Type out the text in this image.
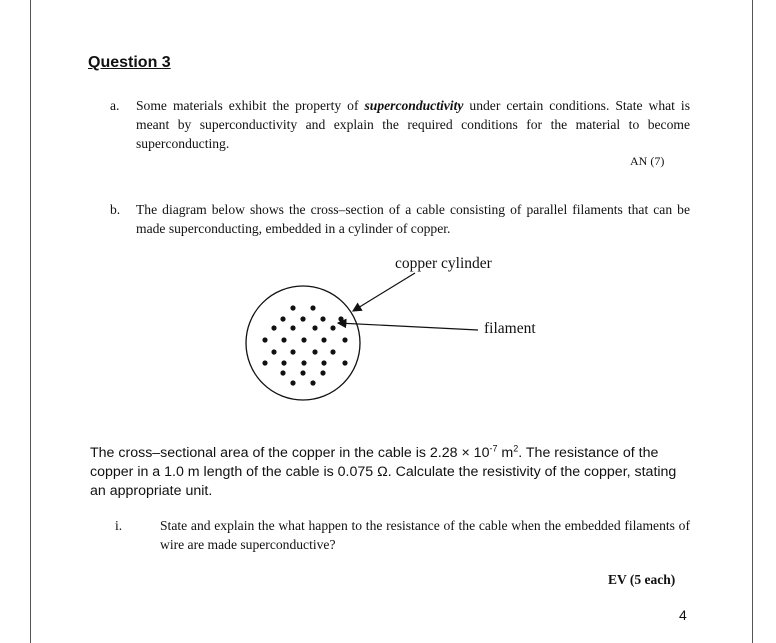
Question 3
a. Some materials exhibit the property of superconductivity under certain conditions. State what is meant by superconductivity and explain the required conditions for the material to become superconducting.
AN (7)
b. The diagram below shows the cross–section of a cable consisting of parallel filaments that can be made superconducting, embedded in a cylinder of copper.
copper cylinder
filament
The cross–sectional area of the copper in the cable is $2.28 \times 10^{-7}$ $m^2$. The resistance of the copper in a 1.0 m length of the cable is 0.075 Ω. Calculate the resistivity of the copper, stating an appropriate unit.
i.	State and explain the what happen to the resistance of the cable when the embedded filaments of wire are made superconductive?
EV (5 each)
4
